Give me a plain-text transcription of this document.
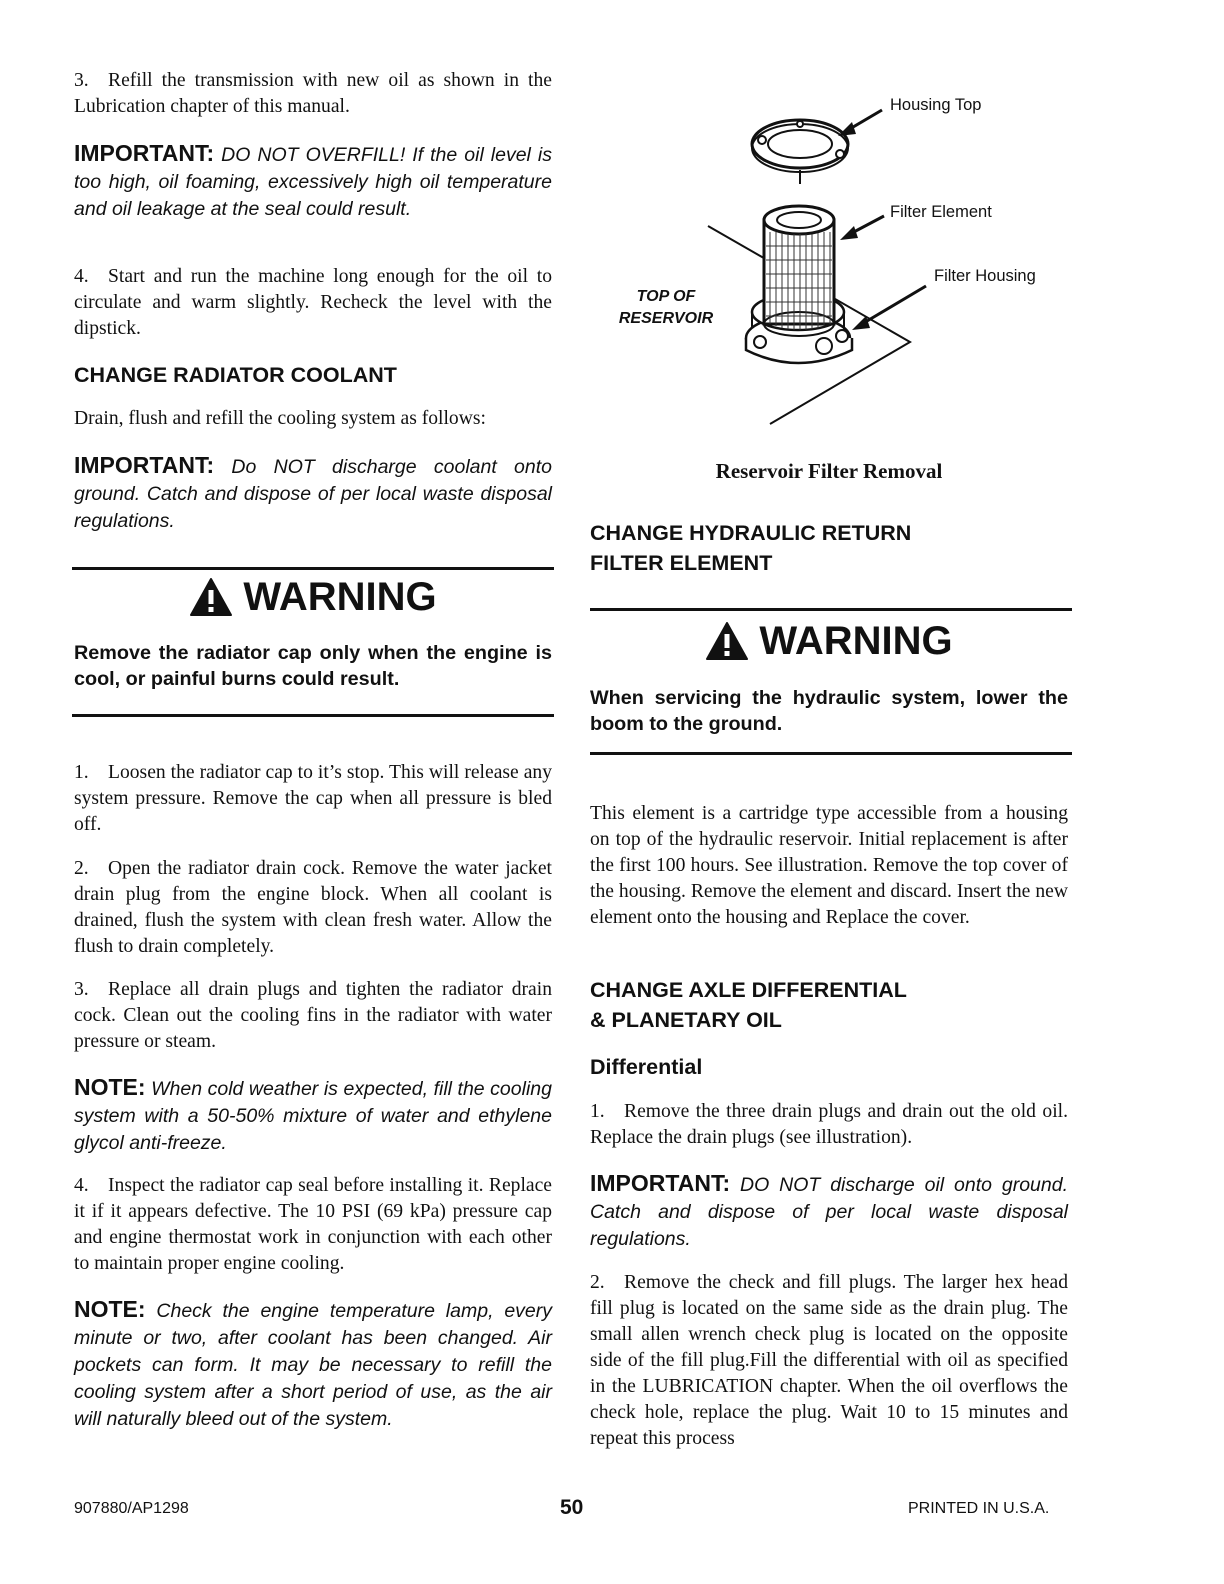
3. Refill the transmission with new oil as shown in the Lubrication chapter of this manual.

IMPORTANT: DO NOT OVERFILL! If the oil level is too high, oil foaming, excessively high oil temperature and oil leakage at the seal could result.

4. Start and run the machine long enough for the oil to circulate and warm slightly. Recheck the level with the dipstick.

CHANGE RADIATOR COOLANT

Drain, flush and refill the cooling system as follows:

IMPORTANT: Do NOT discharge coolant onto ground. Catch and dispose of per local waste disposal regulations.

WARNING

Remove the radiator cap only when the engine is cool, or painful burns could result.

1. Loosen the radiator cap to it’s stop. This will release any system pressure. Remove the cap when all pressure is bled off.

2. Open the radiator drain cock. Remove the water jacket drain plug from the engine block. When all coolant is drained, flush the system with clean fresh water. Allow the flush to drain completely.

3. Replace all drain plugs and tighten the radiator drain cock. Clean out the cooling fins in the radiator with water pressure or steam.

NOTE: When cold weather is expected, fill the cooling system with a 50-50% mixture of water and ethylene glycol anti-freeze.

4. Inspect the radiator cap seal before installing it. Replace it if it appears defective. The 10 PSI (69 kPa) pressure cap and engine thermostat work in conjunction with each other to maintain proper engine cooling.

NOTE: Check the engine temperature lamp, every minute or two, after coolant has been changed. Air pockets can form. It may be necessary to refill the cooling system after a short period of use, as the air will naturally bleed out of the system.

Housing Top
Filter Element
Filter Housing
TOP OF
RESERVOIR
Reservoir Filter Removal
CHANGE HYDRAULIC RETURN
FILTER ELEMENT
WARNING

When servicing the hydraulic system, lower the boom to the ground.

This element is a cartridge type accessible from a housing on top of the hydraulic reservoir. Initial replacement is after the first 100 hours. See illustration. Remove the top cover of the housing. Remove the element and discard. Insert the new element onto the housing and Replace the cover.

CHANGE AXLE DIFFERENTIAL
& PLANETARY OIL
Differential

1. Remove the three drain plugs and drain out the old oil. Replace the drain plugs (see illustration).

IMPORTANT: DO NOT discharge oil onto ground. Catch and dispose of per local waste disposal regulations.

2. Remove the check and fill plugs. The larger hex head fill plug is located on the same side as the drain plug. The small allen wrench check plug is located on the opposite side of the fill plug.Fill the differential with oil as specified in the LUBRICATION chapter. When the oil overflows the check hole, replace the plug. Wait 10 to 15 minutes and repeat this process

907880/AP1298	50	PRINTED IN U.S.A.
